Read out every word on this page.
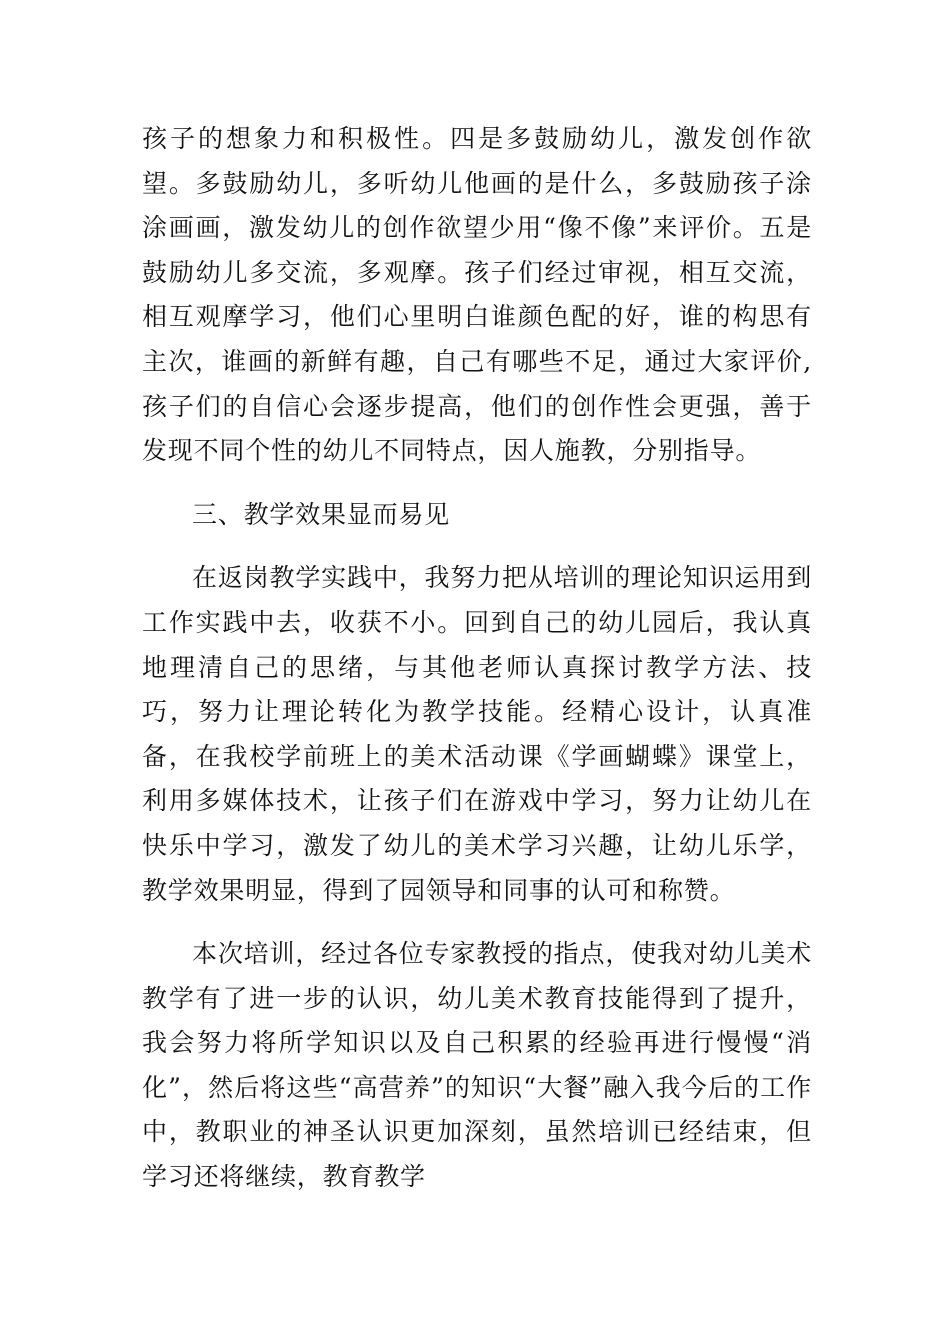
孩子的想象力和积极性。四是多鼓励幼儿，激发创作欲望。多鼓励幼儿，多听幼儿他画的是什么，多鼓励孩子涂涂画画，激发幼儿的创作欲望少用“像不像”来评价。五是鼓励幼儿多交流，多观摩。孩子们经过审视，相互交流，相互观摩学习，他们心里明白谁颜色配的好，谁的构思有主次，谁画的新鲜有趣，自己有哪些不足，通过大家评价,孩子们的自信心会逐步提高，他们的创作性会更强，善于发现不同个性的幼儿不同特点，因人施教，分别指导。

三、教学效果显而易见

在返岗教学实践中，我努力把从培训的理论知识运用到工作实践中去，收获不小。回到自己的幼儿园后，我认真地理清自己的思绪，与其他老师认真探讨教学方法、技巧，努力让理论转化为教学技能。经精心设计，认真准备，在我校学前班上的美术活动课《学画蝴蝶》课堂上，利用多媒体技术，让孩子们在游戏中学习，努力让幼儿在快乐中学习，激发了幼儿的美术学习兴趣，让幼儿乐学，教学效果明显，得到了园领导和同事的认可和称赞。

本次培训，经过各位专家教授的指点，使我对幼儿美术教学有了进一步的认识，幼儿美术教育技能得到了提升，我会努力将所学知识以及自己积累的经验再进行慢慢“消化”，然后将这些“高营养”的知识“大餐”融入我今后的工作中，教职业的神圣认识更加深刻，虽然培训已经结束，但学习还将继续，教育教学
